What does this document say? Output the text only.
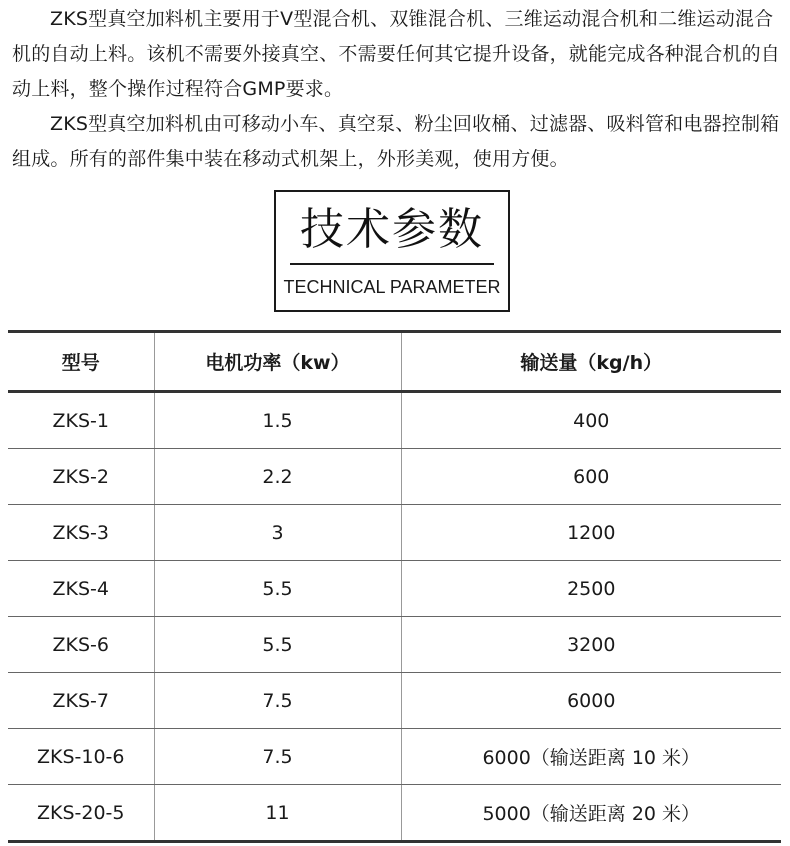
ZKS型真空加料机主要用于V型混合机、双锥混合机、三维运动混合机和二维运动混合机的自动上料。该机不需要外接真空、不需要任何其它提升设备，就能完成各种混合机的自动上料，整个操作过程符合GMP要求。

ZKS型真空加料机由可移动小车、真空泵、粉尘回收桶、过滤器、吸料管和电器控制箱组成。所有的部件集中装在移动式机架上，外形美观，使用方便。

技术参数
TECHNICAL PARAMETER
型号	电机功率（kw）	输送量（kg/h）
ZKS-1	1.5	400
ZKS-2	2.2	600
ZKS-3	3	1200
ZKS-4	5.5	2500
ZKS-6	5.5	3200
ZKS-7	7.5	6000
ZKS-10-6	7.5	6000（输送距离 10 米）
ZKS-20-5	11	5000（输送距离 20 米）
